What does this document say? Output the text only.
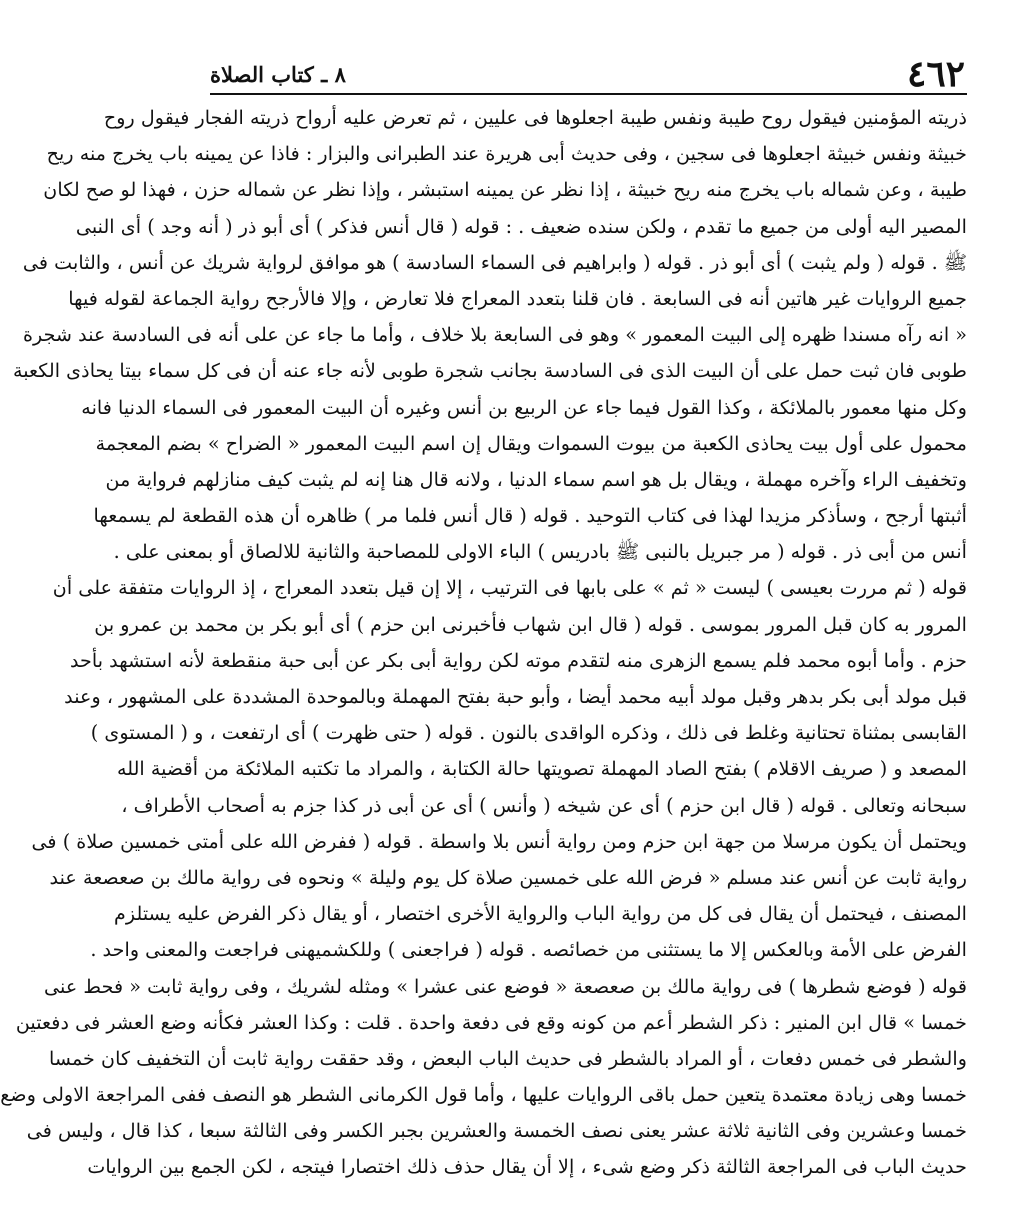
٤٦٢
٨ ـ كتاب الصلاة
ذريته المؤمنين فيقول روح طيبة ونفس طيبة اجعلوها فى عليين ، ثم تعرض عليه أرواح ذريته الفجار فيقول روح
خبيثة ونفس خبيثة اجعلوها فى سجين ، وفى حديث أبى هريرة عند الطبرانى والبزار : فاذا عن يمينه باب يخرج منه ريح
طيبة ، وعن شماله باب يخرج منه ريح خبيثة ، إذا نظر عن يمينه استبشر ، وإذا نظر عن شماله حزن ، فهذا لو صح لكان
المصير اليه أولى من جميع ما تقدم ، ولكن سنده ضعيف . : قوله ( قال أنس فذكر ) أى أبو ذر ( أنه وجد ) أى النبى
ﷺ . قوله ( ولم يثبت ) أى أبو ذر . قوله ( وابراهيم فى السماء السادسة ) هو موافق لرواية شريك عن أنس ، والثابت فى
جميع الروايات غير هاتين أنه فى السابعة . فان قلنا بتعدد المعراج فلا تعارض ، وإلا فالأرجح رواية الجماعة لقوله فيها
« انه رآه مسندا ظهره إلى البيت المعمور » وهو فى السابعة بلا خلاف ، وأما ما جاء عن على أنه فى السادسة عند شجرة
طوبى فان ثبت حمل على أن البيت الذى فى السادسة بجانب شجرة طوبى لأنه جاء عنه أن فى كل سماء بيتا يحاذى الكعبة
وكل منها معمور بالملائكة ، وكذا القول فيما جاء عن الربيع بن أنس وغيره أن البيت المعمور فى السماء الدنيا فانه
محمول على أول بيت يحاذى الكعبة من بيوت السموات ويقال إن اسم البيت المعمور « الضراح » بضم المعجمة
وتخفيف الراء وآخره مهملة ، ويقال بل هو اسم سماء الدنيا ، ولانه قال هنا إنه لم يثبت كيف منازلهم فرواية من
أثبتها أرجح ، وسأذكر مزيدا لهذا فى كتاب التوحيد . قوله ( قال أنس فلما مر ) ظاهره أن هذه القطعة لم يسمعها
أنس من أبى ذر . قوله ( مر جبريل بالنبى ﷺ بادريس ) الباء الاولى للمصاحبة والثانية للالصاق أو بمعنى على .
قوله ( ثم مررت بعيسى ) ليست « ثم » على بابها فى الترتيب ، إلا إن قيل بتعدد المعراج ، إذ الروايات متفقة على أن
المرور به كان قبل المرور بموسى . قوله ( قال ابن شهاب فأخبرنى ابن حزم ) أى أبو بكر بن محمد بن عمرو بن
حزم . وأما أبوه محمد فلم يسمع الزهرى منه لتقدم موته لكن رواية أبى بكر عن أبى حبة منقطعة لأنه استشهد بأحد
قبل مولد أبى بكر بدهر وقبل مولد أبيه محمد أيضا ، وأبو حبة بفتح المهملة وبالموحدة المشددة على المشهور ، وعند
القابسى بمثناة تحتانية وغلط فى ذلك ، وذكره الواقدى بالنون . قوله ( حتى ظهرت ) أى ارتفعت ، و ( المستوى )
المصعد و ( صريف الاقلام ) بفتح الصاد المهملة تصويتها حالة الكتابة ، والمراد ما تكتبه الملائكة من أقضية الله
سبحانه وتعالى . قوله ( قال ابن حزم ) أى عن شيخه ( وأنس ) أى عن أبى ذر كذا جزم به أصحاب الأطراف ،
ويحتمل أن يكون مرسلا من جهة ابن حزم ومن رواية أنس بلا واسطة . قوله ( ففرض الله على أمتى خمسين صلاة ) فى
رواية ثابت عن أنس عند مسلم « فرض الله على خمسين صلاة كل يوم وليلة » ونحوه فى رواية مالك بن صعصعة عند
المصنف ، فيحتمل أن يقال فى كل من رواية الباب والرواية الأخرى اختصار ، أو يقال ذكر الفرض عليه يستلزم
الفرض على الأمة وبالعكس إلا ما يستثنى من خصائصه . قوله ( فراجعنى ) وللكشميهنى فراجعت والمعنى واحد .
قوله ( فوضع شطرها ) فى رواية مالك بن صعصعة « فوضع عنى عشرا » ومثله لشريك ، وفى رواية ثابت « فحط عنى
خمسا » قال ابن المنير : ذكر الشطر أعم من كونه وقع فى دفعة واحدة . قلت : وكذا العشر فكأنه وضع العشر فى دفعتين
والشطر فى خمس دفعات ، أو المراد بالشطر فى حديث الباب البعض ، وقد حققت رواية ثابت أن التخفيف كان خمسا
خمسا وهى زيادة معتمدة يتعين حمل باقى الروايات عليها ، وأما قول الكرمانى الشطر هو النصف ففى المراجعة الاولى وضع
خمسا وعشرين وفى الثانية ثلاثة عشر يعنى نصف الخمسة والعشرين بجبر الكسر وفى الثالثة سبعا ، كذا قال ، وليس فى
حديث الباب فى المراجعة الثالثة ذكر وضع شىء ، إلا أن يقال حذف ذلك اختصارا فيتجه ، لكن الجمع بين الروايات
